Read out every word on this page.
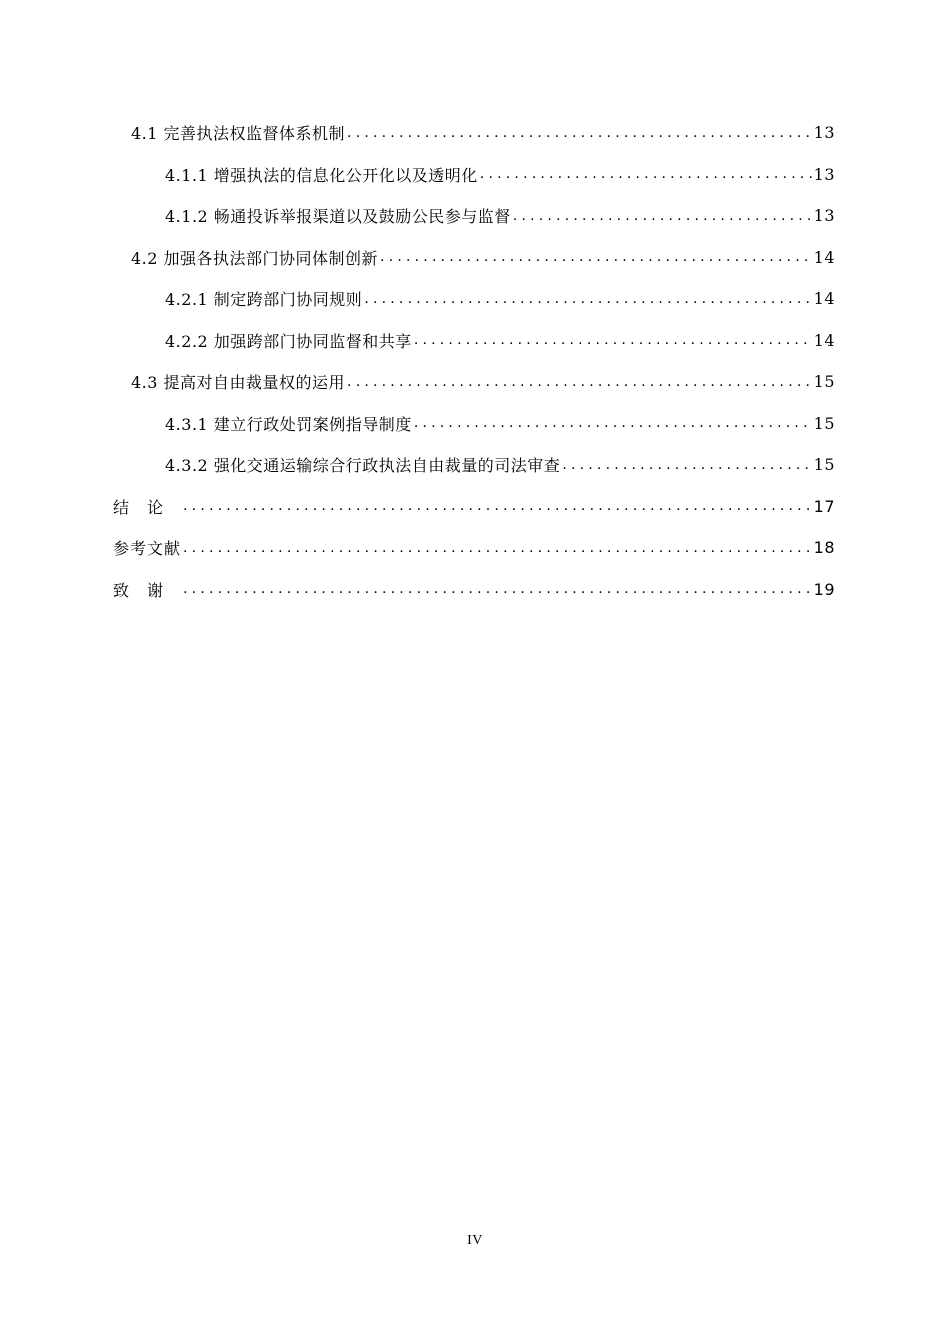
4.1 完善执法权监督体系机制 .....	13
4.1.1 增强执法的信息化公开化以及透明化 .....	13
4.1.2 畅通投诉举报渠道以及鼓励公民参与监督 .....	13
4.2 加强各执法部门协同体制创新 .....	14
4.2.1 制定跨部门协同规则 .....	14
4.2.2 加强跨部门协同监督和共享 .....	14
4.3 提高对自由裁量权的运用 .....	15
4.3.1 建立行政处罚案例指导制度 .....	15
4.3.2 强化交通运输综合行政执法自由裁量的司法审查 .....	15
结论 .....	17
参考文献 .....	18
致谢 .....	19
IV
